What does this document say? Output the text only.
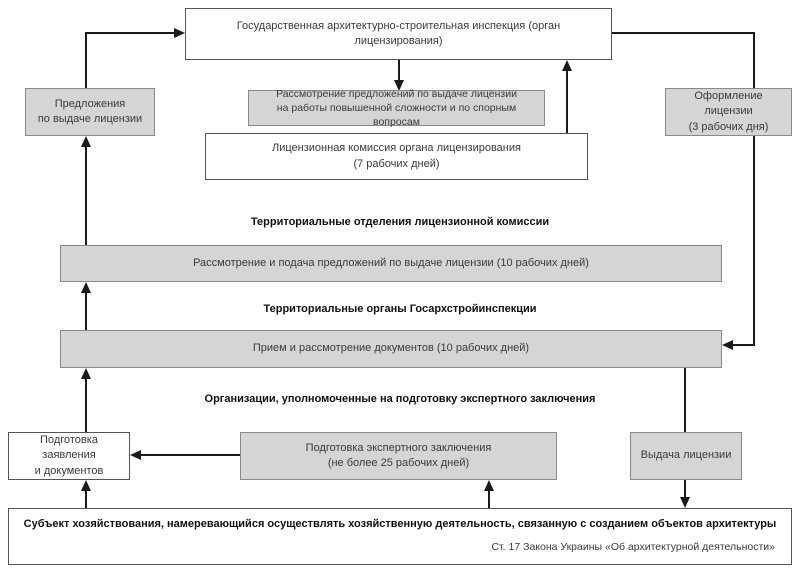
Государственная архитектурно-строительная инспекция (орган лицензирования)
Рассмотрение предложений по выдаче лицензии
на работы повышенной сложности и по спорным вопросам
Лицензионная комиссия органа лицензирования
(7 рабочих дней)
Предложения
по выдаче лицензии
Оформление лицензии
(3 рабочих дня)
Территориальные отделения лицензионной комиссии
Рассмотрение и подача предложений по выдаче лицензии (10 рабочих дней)
Территориальные органы Госархстройинспекции
Прием и рассмотрение документов (10 рабочих дней)
Организации, уполномоченные на подготовку экспертного заключения
Подготовка заявления
и документов
Подготовка экспертного заключения
(не более 25 рабочих дней)
Выдача лицензии
Субъект хозяйствования, намеревающийся осуществлять хозяйственную деятельность, связанную с созданием объектов архитектуры
Ст. 17 Закона Украины «Об архитектурной деятельности»
